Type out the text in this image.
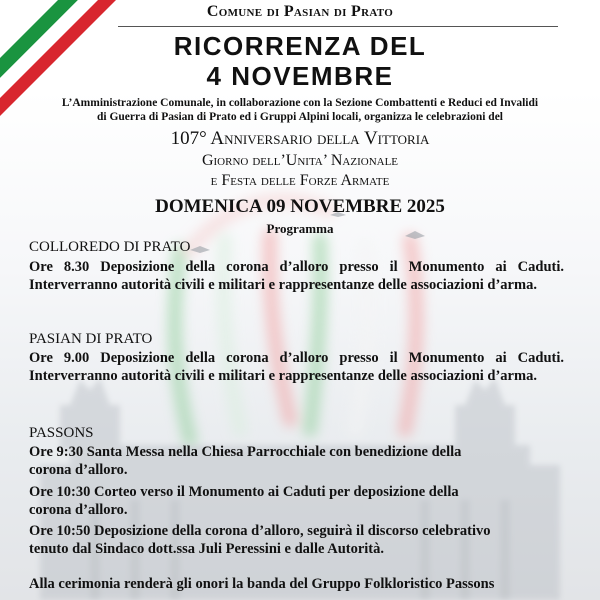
Comune di Pasian di Prato

RICORRENZA DEL

4 NOVEMBRE

L’Amministrazione Comunale, in collaborazione con la Sezione Combattenti e Reduci ed Invalidi
di Guerra di Pasian di Prato ed i Gruppi Alpini locali, organizza le celebrazioni del

107° Anniversario della Vittoria

Giorno dell’Unita’ Nazionale

e Festa delle Forze Armate

DOMENICA 09 NOVEMBRE 2025

Programma

COLLOREDO DI PRATO

Ore 8.30 Deposizione della corona d’alloro presso il Monumento ai Caduti. Interverranno autorità civili e militari e rappresentanze delle associazioni d’arma.

PASIAN DI PRATO

Ore 9.00 Deposizione della corona d’alloro presso il Monumento ai Caduti. Interverranno autorità civili e militari e rappresentanze delle associazioni d’arma.

PASSONS

Ore 9:30 Santa Messa nella Chiesa Parrocchiale con benedizione della
corona d’alloro.
Ore 10:30 Corteo verso il Monumento ai Caduti per deposizione della
corona d’alloro.
Ore 10:50 Deposizione della corona d’alloro, seguirà il discorso celebrativo
tenuto dal Sindaco dott.ssa Juli Peressini e dalle Autorità.

Alla cerimonia renderà gli onori la banda del Gruppo Folkloristico Passons
